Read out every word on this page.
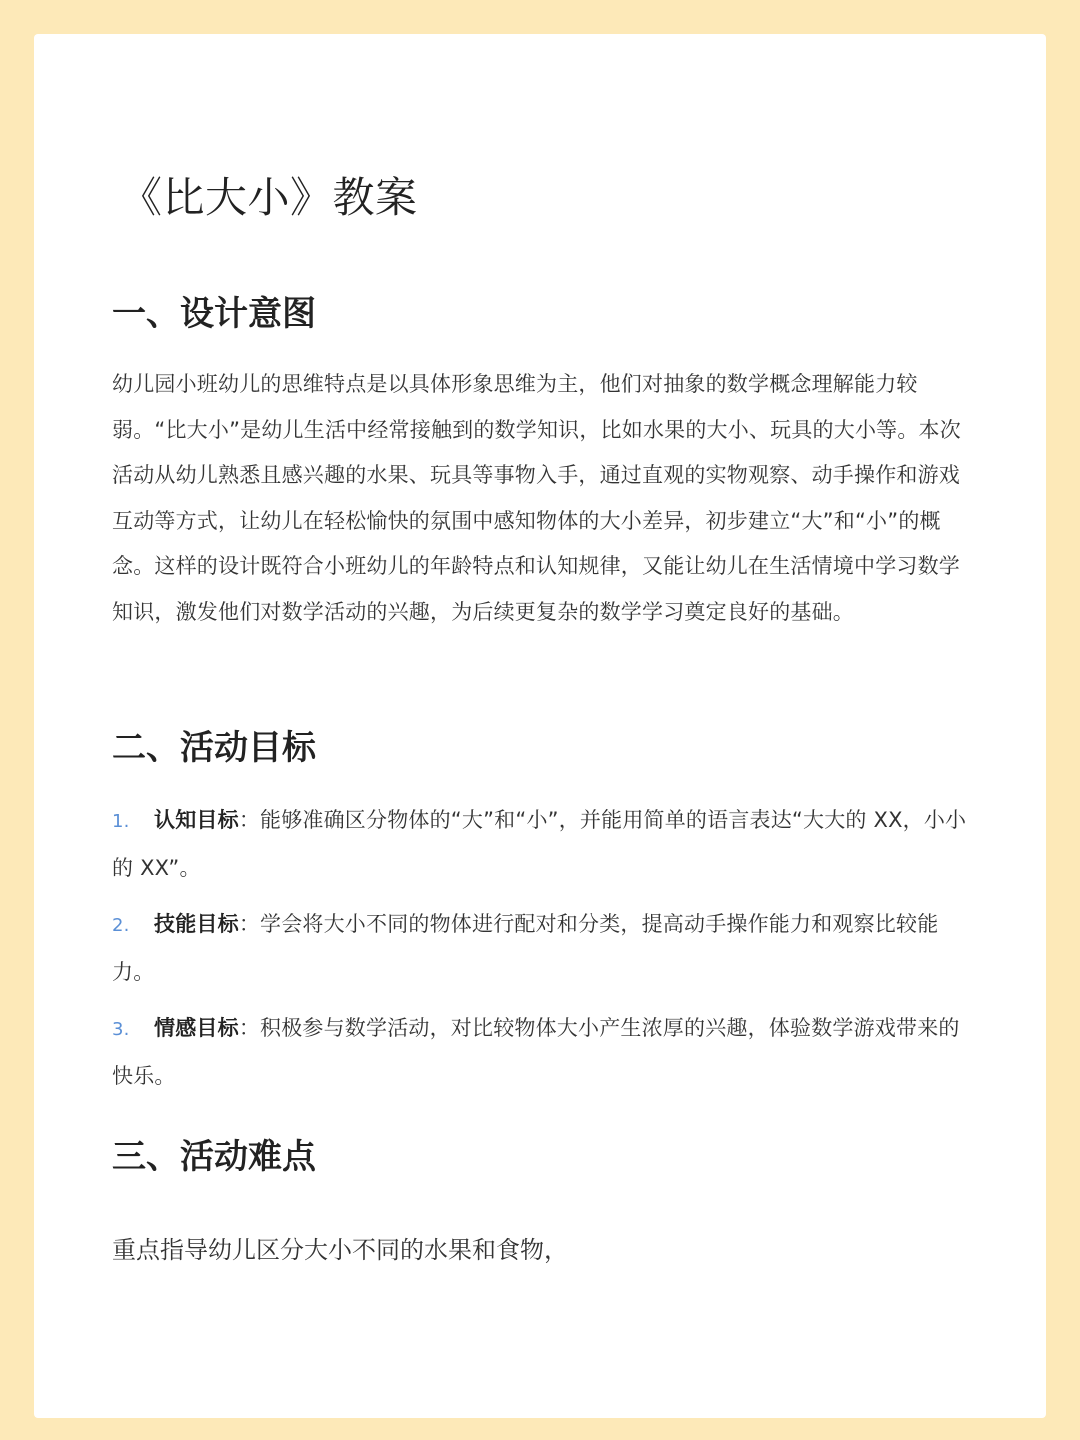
《比大小》教案
一、设计意图

幼儿园小班幼儿的思维特点是以具体形象思维为主，他们对抽象的数学概念理解能力较弱。“比大小”是幼儿生活中经常接触到的数学知识，比如水果的大小、玩具的大小等。本次活动从幼儿熟悉且感兴趣的水果、玩具等事物入手，通过直观的实物观察、动手操作和游戏互动等方式，让幼儿在轻松愉快的氛围中感知物体的大小差异，初步建立“大”和“小”的概念。这样的设计既符合小班幼儿的年龄特点和认知规律，又能让幼儿在生活情境中学习数学知识，激发他们对数学活动的兴趣，为后续更复杂的数学学习奠定良好的基础。

二、活动目标
1. 认知目标：能够准确区分物体的“大”和“小”，并能用简单的语言表达“大大的 XX，小小的 XX”。
2. 技能目标：学会将大小不同的物体进行配对和分类，提高动手操作能力和观察比较能力。
3. 情感目标：积极参与数学活动，对比较物体大小产生浓厚的兴趣，体验数学游戏带来的快乐。
三、活动难点

重点指导幼儿区分大小不同的水果和食物，
